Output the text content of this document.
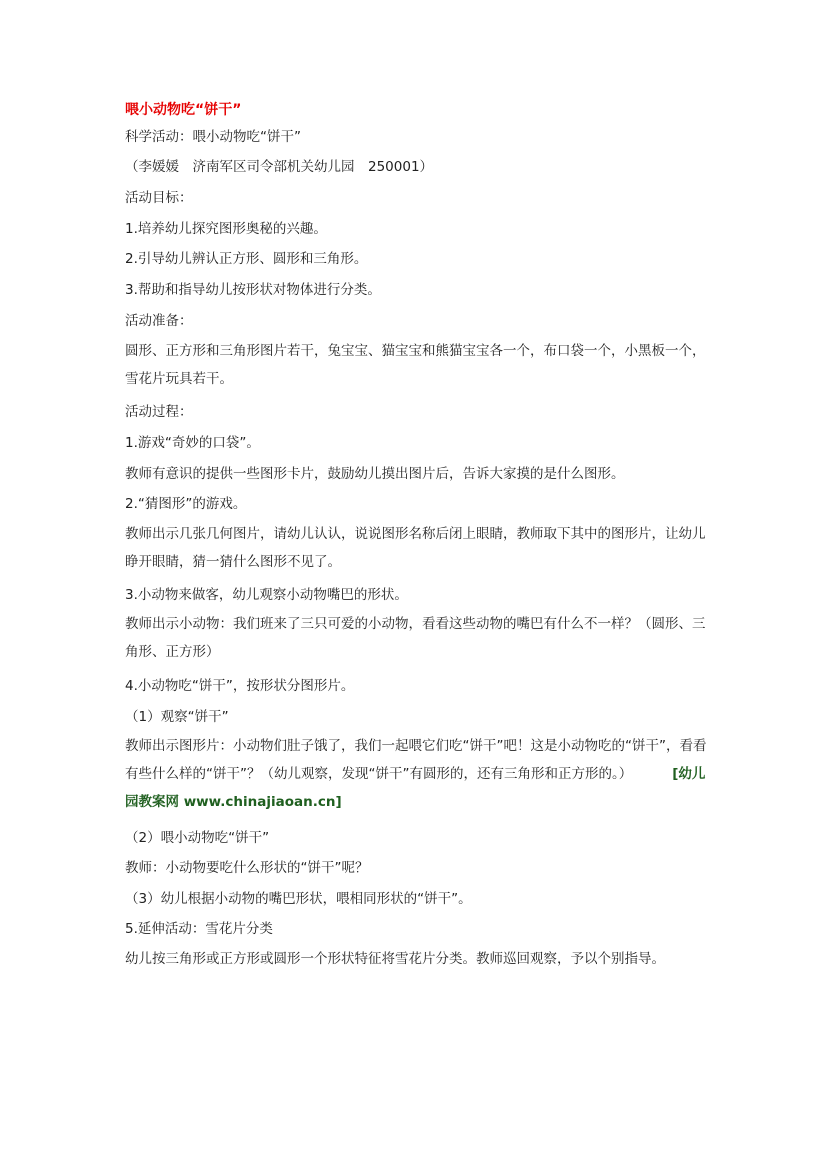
喂小动物吃“饼干”
科学活动：喂小动物吃“饼干”
（李媛媛　济南军区司令部机关幼儿园　250001）
活动目标：
1.培养幼儿探究图形奥秘的兴趣。
2.引导幼儿辨认正方形、圆形和三角形。
3.帮助和指导幼儿按形状对物体进行分类。
活动准备：
圆形、正方形和三角形图片若干，兔宝宝、猫宝宝和熊猫宝宝各一个，布口袋一个，小黑板一个，雪花片玩具若干。
活动过程：
1.游戏“奇妙的口袋”。
教师有意识的提供一些图形卡片，鼓励幼儿摸出图片后，告诉大家摸的是什么图形。
2.“猜图形”的游戏。
教师出示几张几何图片，请幼儿认认，说说图形名称后闭上眼睛，教师取下其中的图形片，让幼儿睁开眼睛，猜一猜什么图形不见了。
3.小动物来做客，幼儿观察小动物嘴巴的形状。
教师出示小动物：我们班来了三只可爱的小动物，看看这些动物的嘴巴有什么不一样？（圆形、三角形、正方形）
4.小动物吃“饼干”，按形状分图形片。
（1）观察“饼干”
教师出示图形片：小动物们肚子饿了，我们一起喂它们吃“饼干”吧！这是小动物吃的“饼干”，看看有些什么样的“饼干”？（幼儿观察，发现“饼干”有圆形的，还有三角形和正方形的。）	[幼儿园教案网 www.chinajiaoan.cn]
（2）喂小动物吃“饼干”
教师：小动物要吃什么形状的“饼干”呢？
（3）幼儿根据小动物的嘴巴形状，喂相同形状的“饼干”。
5.延伸活动：雪花片分类
幼儿按三角形或正方形或圆形一个形状特征将雪花片分类。教师巡回观察，予以个别指导。
